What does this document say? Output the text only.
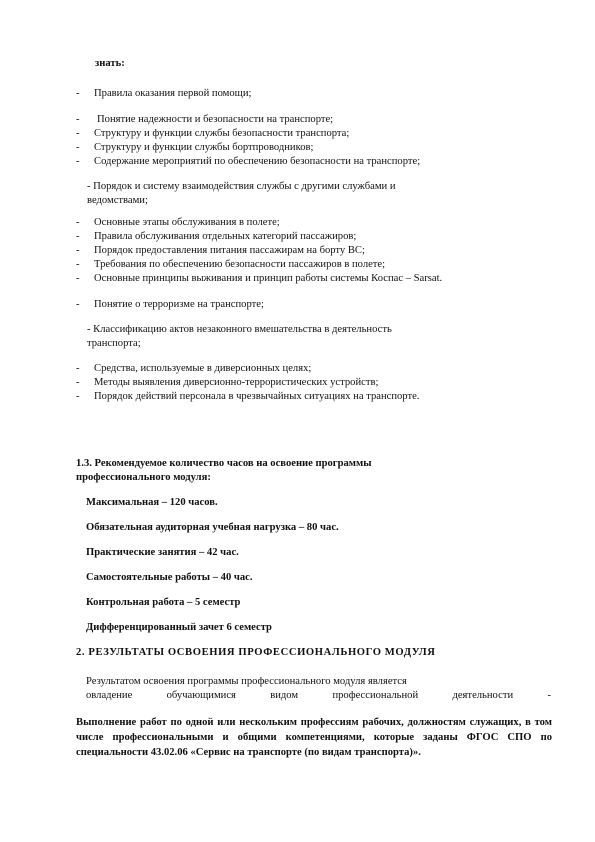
знать:
- Правила оказания первой помощи;
- Понятие надежности и безопасности на транспорте;
- Структуру и функции службы безопасности транспорта;
- Структуру и функции службы бортпроводников;
- Содержание мероприятий по обеспечению безопасности на транспорте;
- Порядок и систему взаимодействия службы с другими службами и
ведомствами;
- Основные этапы обслуживания в полете;
- Правила обслуживания отдельных категорий пассажиров;
- Порядок предоставления питания пассажирам на борту ВС;
- Требования по обеспечению безопасности пассажиров в полете;
- Основные принципы выживания и принцип работы системы Коспас – Sarsat.
- Понятие о терроризме на транспорте;
- Классификацию актов незаконного вмешательства в деятельность
транспорта;
- Средства, используемые в диверсионных целях;
- Методы выявления диверсионно-террористических устройств;
- Порядок действий персонала в чрезвычайных ситуациях на транспорте.
1.3. Рекомендуемое количество часов на освоение программы
профессионального модуля:
Максимальная – 120 часов.
Обязательная аудиторная учебная нагрузка – 80 час.
Практические занятия – 42 час.
Самостоятельные работы – 40 час.
Контрольная работа – 5 семестр
Дифференцированный зачет 6 семестр
2. РЕЗУЛЬТАТЫ ОСВОЕНИЯ ПРОФЕССИОНАЛЬНОГО МОДУЛЯ
Результатом освоения программы профессионального модуля является
овладение	обучающимися	видом	профессиональной	деятельности	-
Выполнение работ по одной или нескольким профессиям рабочих, должностям служащих, в том числе профессиональными и общими компетенциями, которые заданы ФГОС СПО по специальности 43.02.06 «Сервис на транспорте (по видам транспорта)».
